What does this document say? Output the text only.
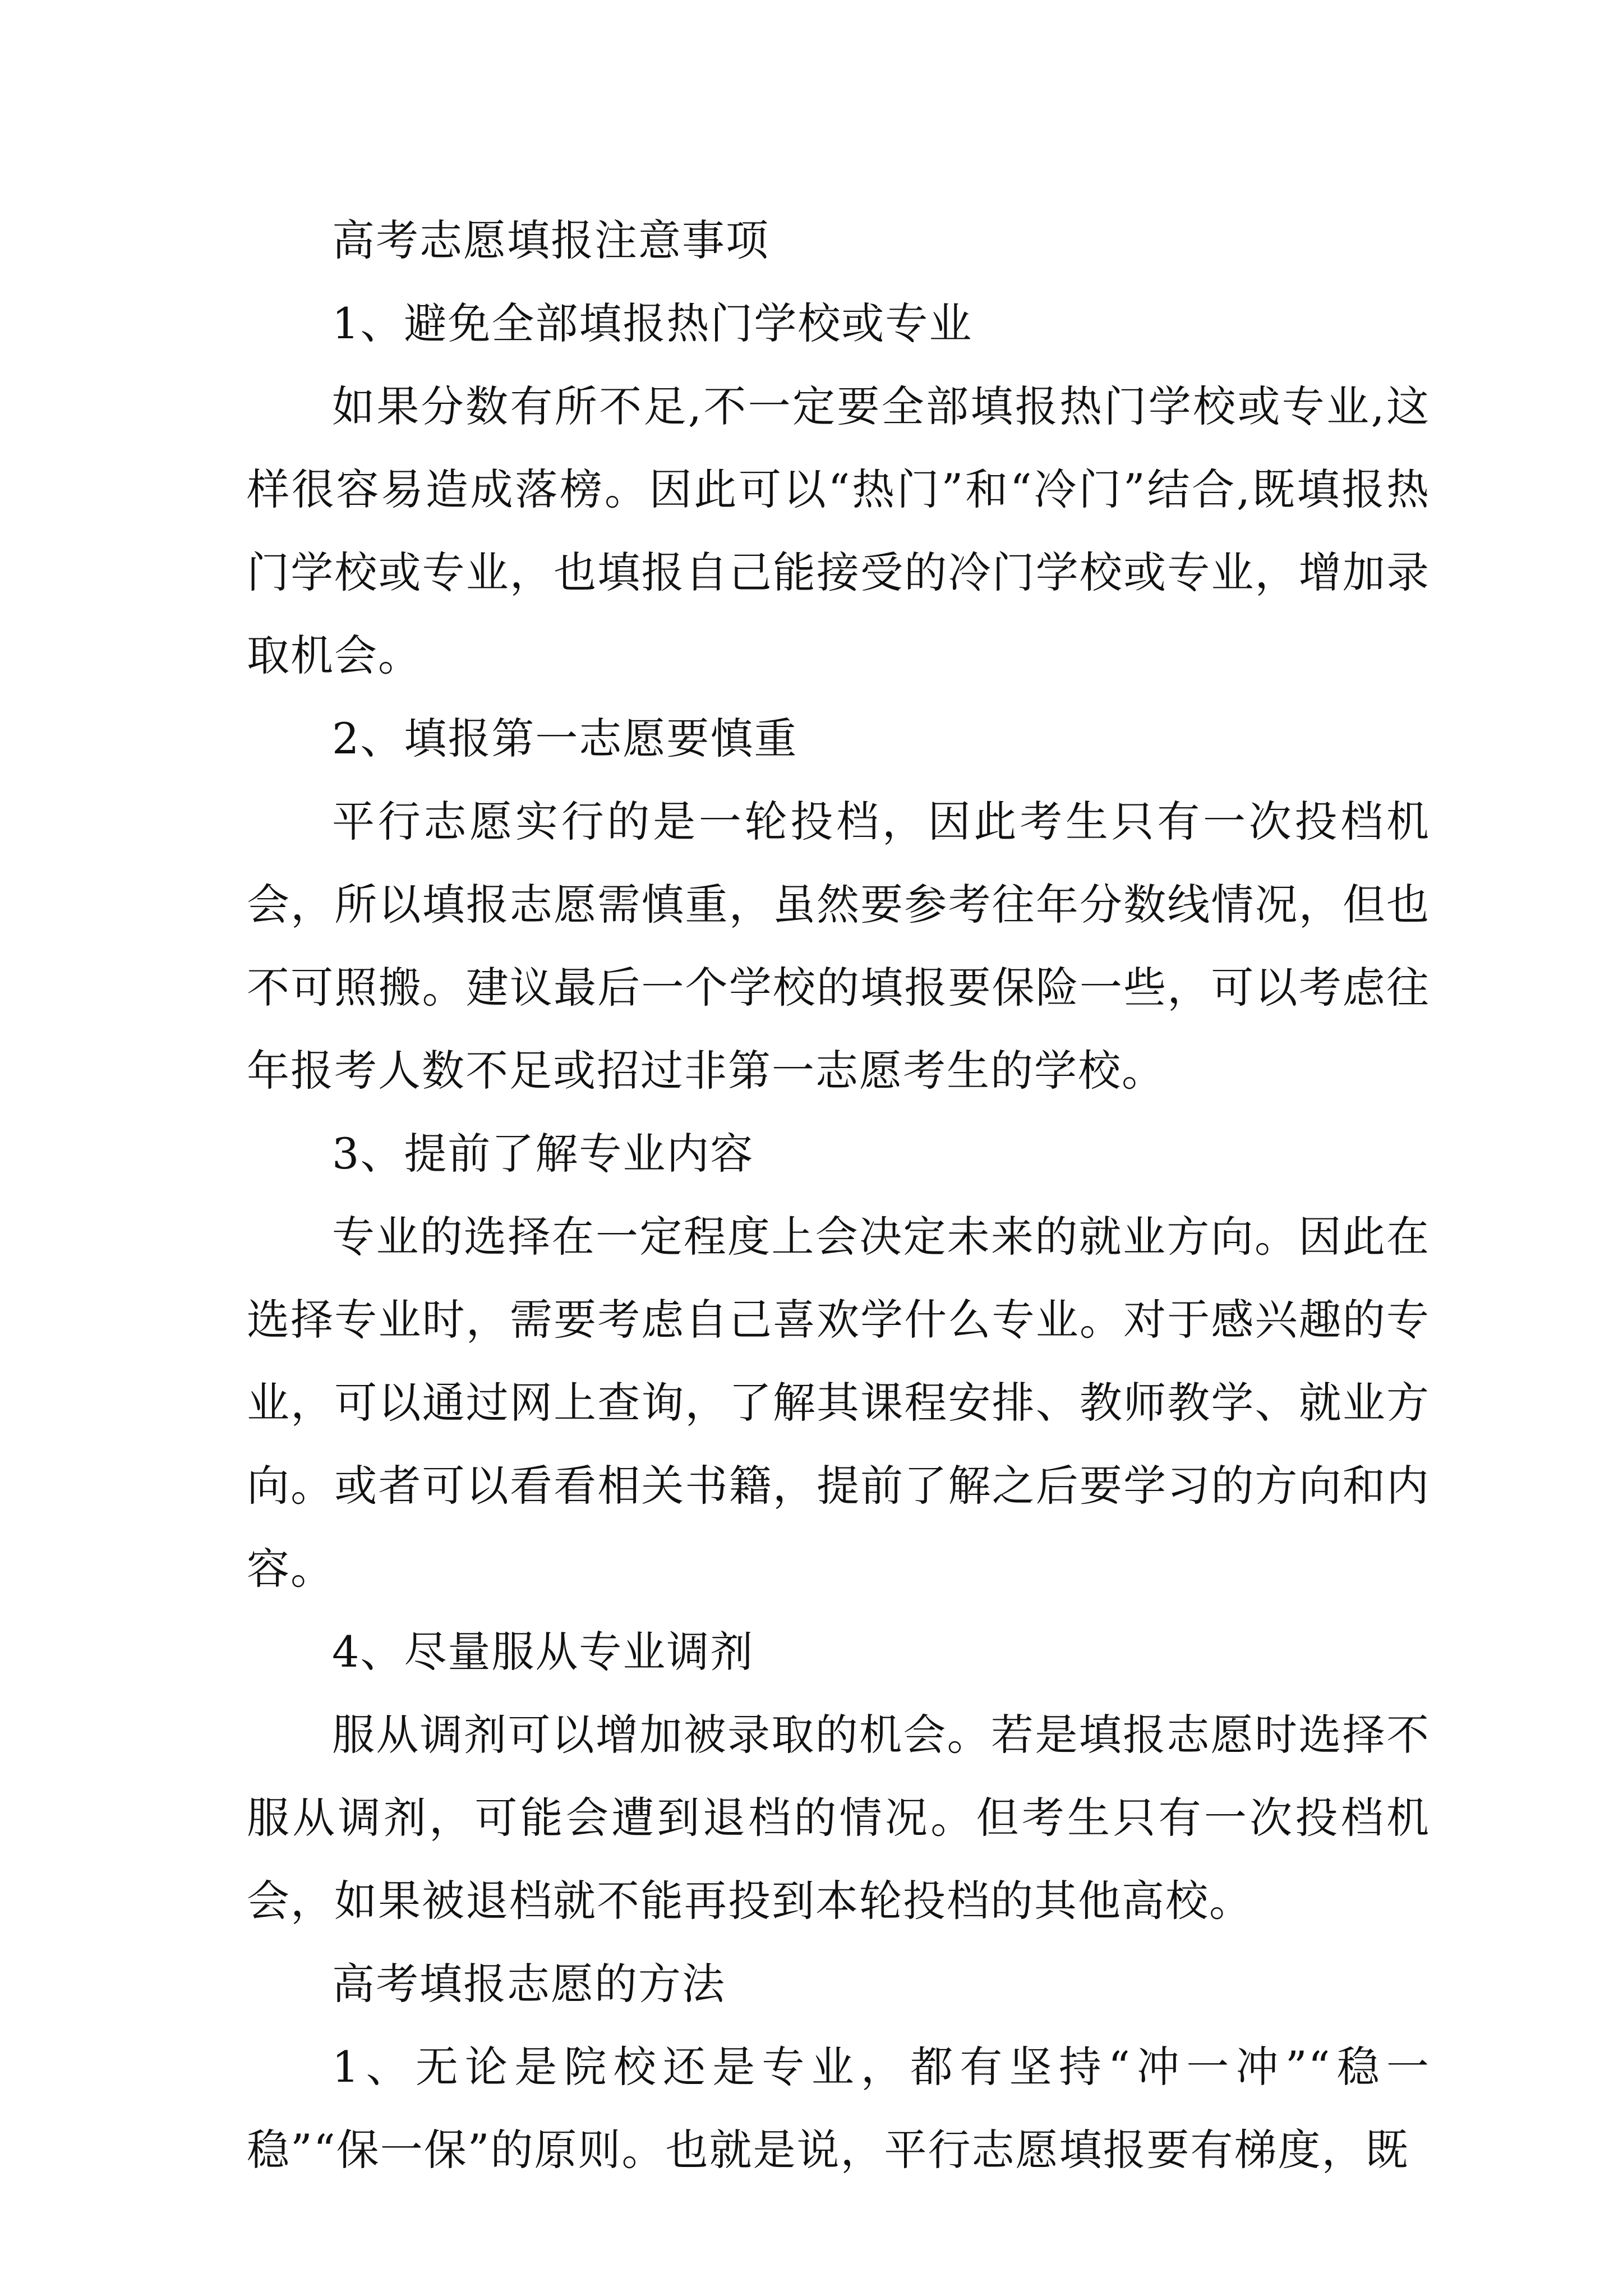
高考志愿填报注意事项

1、避免全部填报热门学校或专业

如果分数有所不足,不一定要全部填报热门学校或专业,这样很容易造成落榜。因此可以“热门”和“冷门”结合,既填报热门学校或专业，也填报自己能接受的冷门学校或专业，增加录取机会。

2、填报第一志愿要慎重

平行志愿实行的是一轮投档，因此考生只有一次投档机会，所以填报志愿需慎重，虽然要参考往年分数线情况，但也不可照搬。建议最后一个学校的填报要保险一些，可以考虑往年报考人数不足或招过非第一志愿考生的学校。

3、提前了解专业内容

专业的选择在一定程度上会决定未来的就业方向。因此在选择专业时，需要考虑自己喜欢学什么专业。对于感兴趣的专业，可以通过网上查询，了解其课程安排、教师教学、就业方向。或者可以看看相关书籍，提前了解之后要学习的方向和内容。

4、尽量服从专业调剂

服从调剂可以增加被录取的机会。若是填报志愿时选择不服从调剂，可能会遭到退档的情况。但考生只有一次投档机会，如果被退档就不能再投到本轮投档的其他高校。

高考填报志愿的方法

1、无论是院校还是专业，都有坚持“冲一冲”“稳一稳”“保一保”的原则。也就是说，平行志愿填报要有梯度，既
